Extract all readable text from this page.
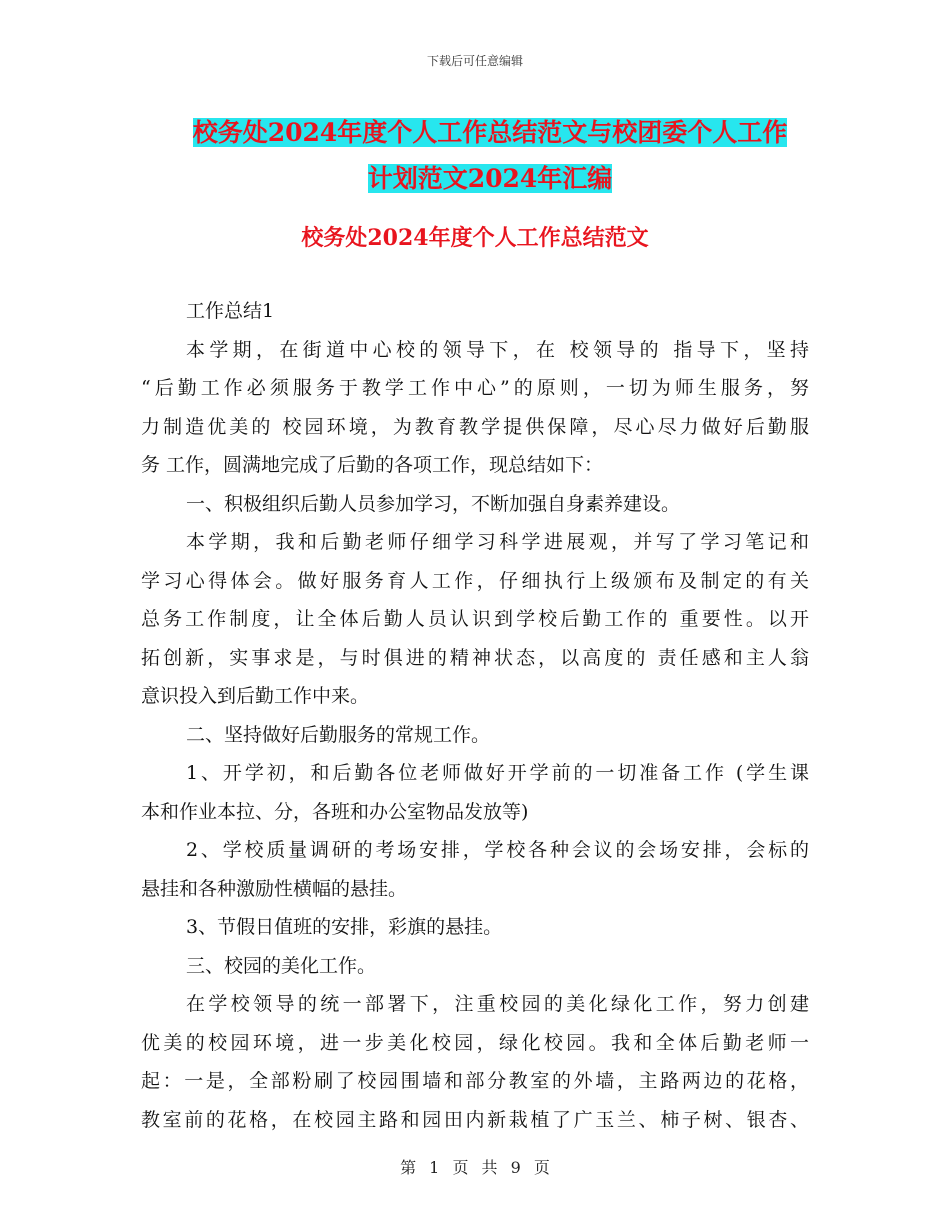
下载后可任意编辑
校务处2024年度个人工作总结范文与校团委个人工作
计划范文2024年汇编
校务处2024年度个人工作总结范文
工作总结1
本学期，在街道中心校的领导下，在 校领导的 指导下，坚持
“后勤工作必须服务于教学工作中心”的原则，一切为师生服务，努
力制造优美的 校园环境，为教育教学提供保障，尽心尽力做好后勤服
务 工作，圆满地完成了后勤的各项工作，现总结如下：
一、积极组织后勤人员参加学习，不断加强自身素养建设。
本学期，我和后勤老师仔细学习科学进展观，并写了学习笔记和
学习心得体会。做好服务育人工作，仔细执行上级颁布及制定的有关
总务工作制度，让全体后勤人员认识到学校后勤工作的 重要性。以开
拓创新，实事求是，与时俱进的精神状态，以高度的 责任感和主人翁
意识投入到后勤工作中来。
二、坚持做好后勤服务的常规工作。
1、开学初，和后勤各位老师做好开学前的一切准备工作 (学生课
本和作业本拉、分，各班和办公室物品发放等)
2、学校质量调研的考场安排，学校各种会议的会场安排，会标的
悬挂和各种激励性横幅的悬挂。
3、节假日值班的安排，彩旗的悬挂。
三、校园的美化工作。
在学校领导的统一部署下，注重校园的美化绿化工作，努力创建
优美的校园环境，进一步美化校园，绿化校园。我和全体后勤老师一
起：一是，全部粉刷了校园围墙和部分教室的外墙，主路两边的花格，
教室前的花格，在校园主路和园田内新栽植了广玉兰、柿子树、银杏、
第 1 页 共 9 页
